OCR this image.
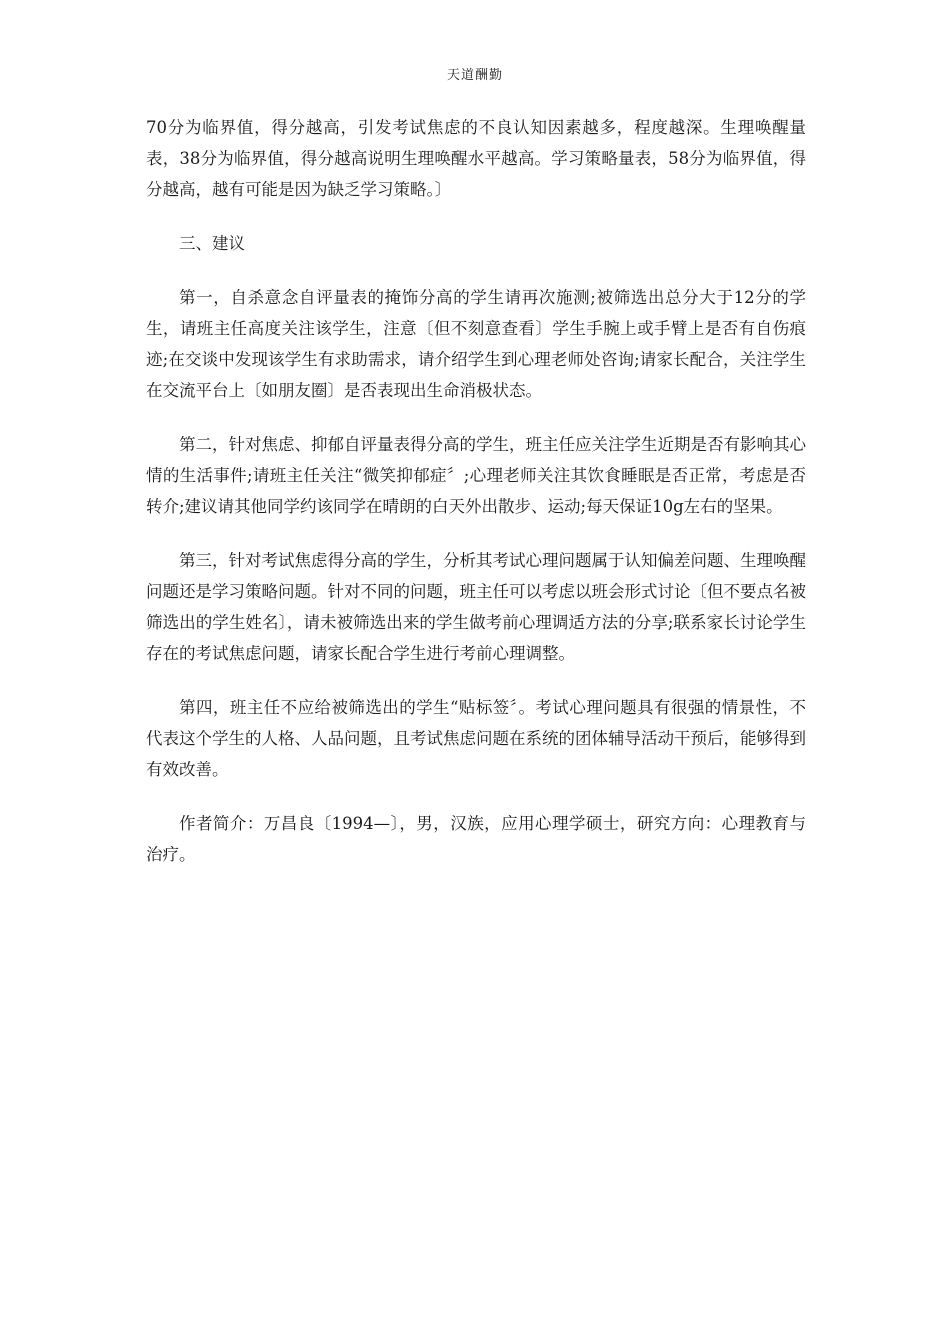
天道酬勤

70分为临界值，得分越高，引发考试焦虑的不良认知因素越多，程度越深。生理唤醒量表，38分为临界值，得分越高说明生理唤醒水平越高。学习策略量表，58分为临界值，得分越高，越有可能是因为缺乏学习策略。〕

三、建议

第一，自杀意念自评量表的掩饰分高的学生请再次施测;被筛选出总分大于12分的学生，请班主任高度关注该学生，注意〔但不刻意查看〕学生手腕上或手臂上是否有自伤痕迹;在交谈中发现该学生有求助需求，请介绍学生到心理老师处咨询;请家长配合，关注学生在交流平台上〔如朋友圈〕是否表现出生命消极状态。

第二，针对焦虑、抑郁自评量表得分高的学生，班主任应关注学生近期是否有影响其心情的生活事件;请班主任关注“微笑抑郁症〞;心理老师关注其饮食睡眠是否正常，考虑是否转介;建议请其他同学约该同学在晴朗的白天外出散步、运动;每天保证10g左右的坚果。

第三，针对考试焦虑得分高的学生，分析其考试心理问题属于认知偏差问题、生理唤醒问题还是学习策略问题。针对不同的问题，班主任可以考虑以班会形式讨论〔但不要点名被筛选出的学生姓名〕，请未被筛选出来的学生做考前心理调适方法的分享;联系家长讨论学生存在的考试焦虑问题，请家长配合学生进行考前心理调整。

第四，班主任不应给被筛选出的学生“贴标签〞。考试心理问题具有很强的情景性，不代表这个学生的人格、人品问题，且考试焦虑问题在系统的团体辅导活动干预后，能够得到有效改善。

作者简介：万昌良〔1994—〕，男，汉族，应用心理学硕士，研究方向：心理教育与治疗。
